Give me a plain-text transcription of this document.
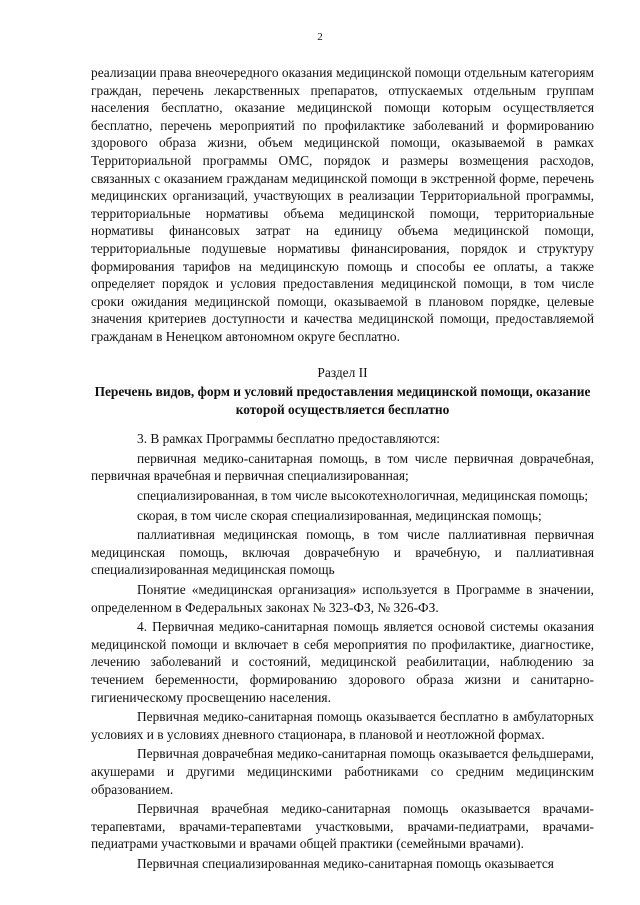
2

реализации права внеочередного оказания медицинской помощи отдельным категориям граждан, перечень лекарственных препаратов, отпускаемых отдельным группам населения бесплатно, оказание медицинской помощи которым осуществляется бесплатно, перечень мероприятий по профилактике заболеваний и формированию здорового образа жизни, объем медицинской помощи, оказываемой в рамках Территориальной программы ОМС, порядок и размеры возмещения расходов, связанных с оказанием гражданам медицинской помощи в экстренной форме, перечень медицинских организаций, участвующих в реализации Территориальной программы, территориальные нормативы объема медицинской помощи, территориальные нормативы финансовых затрат на единицу объема медицинской помощи, территориальные подушевые нормативы финансирования, порядок и структуру формирования тарифов на медицинскую помощь и способы ее оплаты, а также определяет порядок и условия предоставления медицинской помощи, в том числе сроки ожидания медицинской помощи, оказываемой в плановом порядке, целевые значения критериев доступности и качества медицинской помощи, предоставляемой гражданам в Ненецком автономном округе бесплатно.

Раздел II

Перечень видов, форм и условий предоставления медицинской помощи, оказание которой осуществляется бесплатно

3. В рамках Программы бесплатно предоставляются:

первичная медико-санитарная помощь, в том числе первичная доврачебная, первичная врачебная и первичная специализированная;

специализированная, в том числе высокотехнологичная, медицинская помощь;

скорая, в том числе скорая специализированная, медицинская помощь;

паллиативная медицинская помощь, в том числе паллиативная первичная медицинская помощь, включая доврачебную и врачебную, и паллиативная специализированная медицинская помощь

Понятие «медицинская организация» используется в Программе в значении, определенном в Федеральных законах № 323-ФЗ, № 326-ФЗ.

4. Первичная медико-санитарная помощь является основой системы оказания медицинской помощи и включает в себя мероприятия по профилактике, диагностике, лечению заболеваний и состояний, медицинской реабилитации, наблюдению за течением беременности, формированию здорового образа жизни и санитарно-гигиеническому просвещению населения.

Первичная медико-санитарная помощь оказывается бесплатно в амбулаторных условиях и в условиях дневного стационара, в плановой и неотложной формах.

Первичная доврачебная медико-санитарная помощь оказывается фельдшерами, акушерами и другими медицинскими работниками со средним медицинским образованием.

Первичная врачебная медико-санитарная помощь оказывается врачами-терапевтами, врачами-терапевтами участковыми, врачами-педиатрами, врачами-педиатрами участковыми и врачами общей практики (семейными врачами).

Первичная специализированная медико-санитарная помощь оказывается
